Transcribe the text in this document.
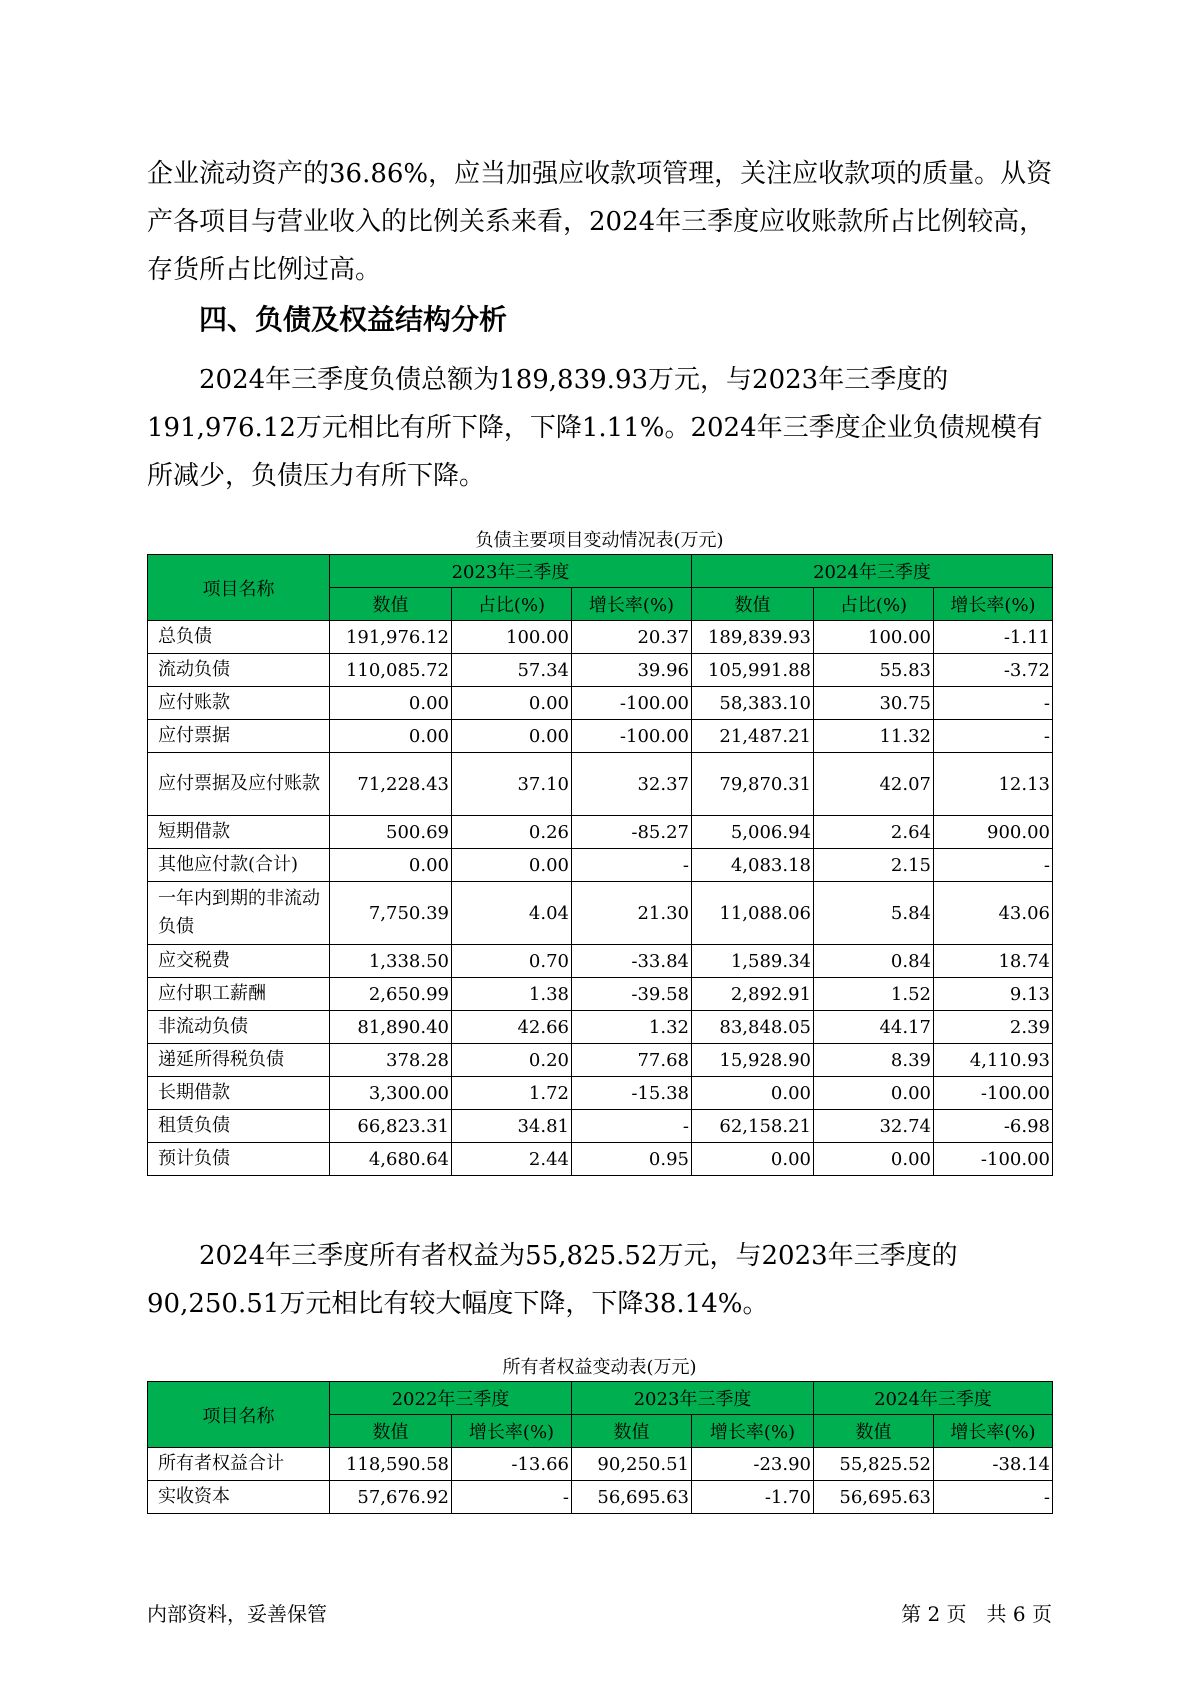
企业流动资产的36.86%，应当加强应收款项管理，关注应收款项的质量。从资产各项目与营业收入的比例关系来看，2024年三季度应收账款所占比例较高，存货所占比例过高。

四、负债及权益结构分析

2024年三季度负债总额为189,839.93万元，与2023年三季度的191,976.12万元相比有所下降，下降1.11%。2024年三季度企业负债规模有所减少，负债压力有所下降。

负债主要项目变动情况表(万元)
项目名称	2023年三季度			2024年三季度		
	数值	占比(%)	增长率(%)	数值	占比(%)	增长率(%)
总负债	191,976.12	100.00	20.37	189,839.93	100.00	-1.11
流动负债	110,085.72	57.34	39.96	105,991.88	55.83	-3.72
应付账款	0.00	0.00	-100.00	58,383.10	30.75	-
应付票据	0.00	0.00	-100.00	21,487.21	11.32	-
应付票据及应付账款	71,228.43	37.10	32.37	79,870.31	42.07	12.13
短期借款	500.69	0.26	-85.27	5,006.94	2.64	900.00
其他应付款(合计)	0.00	0.00	-	4,083.18	2.15	-
一年内到期的非流动负债	7,750.39	4.04	21.30	11,088.06	5.84	43.06
应交税费	1,338.50	0.70	-33.84	1,589.34	0.84	18.74
应付职工薪酬	2,650.99	1.38	-39.58	2,892.91	1.52	9.13
非流动负债	81,890.40	42.66	1.32	83,848.05	44.17	2.39
递延所得税负债	378.28	0.20	77.68	15,928.90	8.39	4,110.93
长期借款	3,300.00	1.72	-15.38	0.00	0.00	-100.00
租赁负债	66,823.31	34.81	-	62,158.21	32.74	-6.98
预计负债	4,680.64	2.44	0.95	0.00	0.00	-100.00

2024年三季度所有者权益为55,825.52万元，与2023年三季度的90,250.51万元相比有较大幅度下降，下降38.14%。

所有者权益变动表(万元)
项目名称	2022年三季度		2023年三季度		2024年三季度	
	数值	增长率(%)	数值	增长率(%)	数值	增长率(%)
所有者权益合计	118,590.58	-13.66	90,250.51	-23.90	55,825.52	-38.14
实收资本	57,676.92	-	56,695.63	-1.70	56,695.63	-
内部资料，妥善保管	第 2 页　共 6 页
